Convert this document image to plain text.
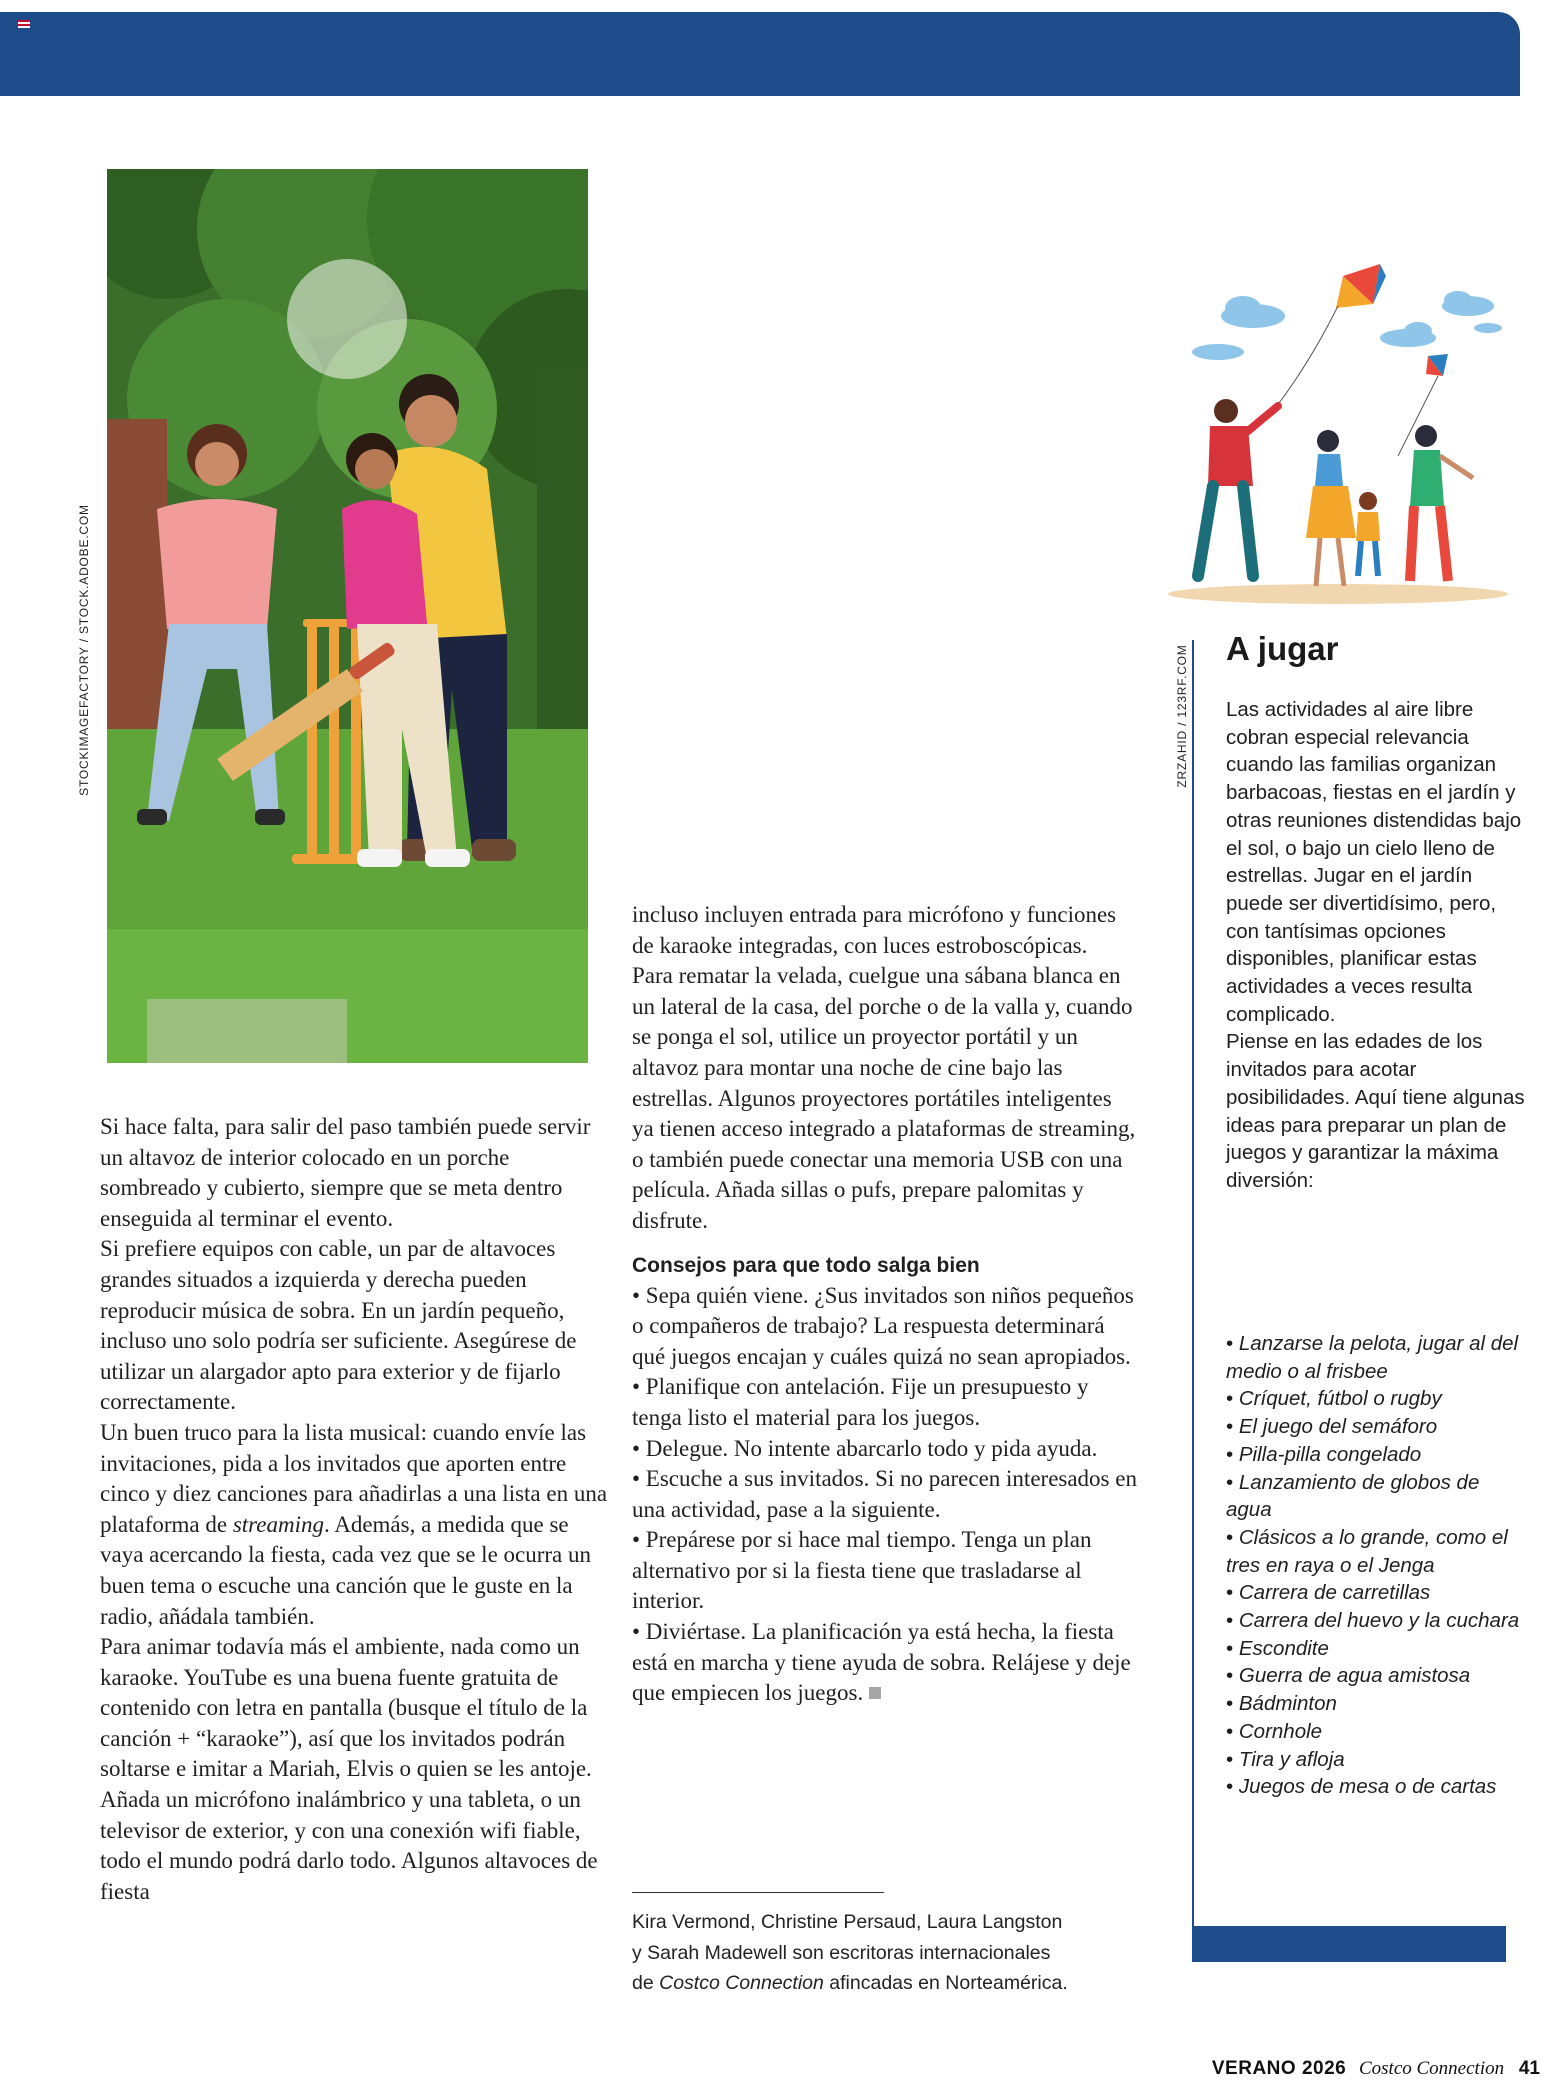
STOCKIMAGEFACTORY / STOCK.ADOBE.COM

Si hace falta, para salir del paso también puede servir un altavoz de interior colocado en un porche sombreado y cubierto, siempre que se meta dentro enseguida al terminar el evento.

Si prefiere equipos con cable, un par de altavoces grandes situados a izquierda y derecha pueden reproducir música de sobra. En un jardín pequeño, incluso uno solo podría ser suficiente. Asegúrese de utilizar un alargador apto para exterior y de fijarlo correctamente.

Un buen truco para la lista musical: cuando envíe las invitaciones, pida a los invitados que aporten entre cinco y diez canciones para añadirlas a una lista en una plataforma de streaming. Además, a medida que se vaya acercando la fiesta, cada vez que se le ocurra un buen tema o escuche una canción que le guste en la radio, añádala también.

Para animar todavía más el ambiente, nada como un karaoke. YouTube es una buena fuente gratuita de contenido con letra en pantalla (busque el título de la canción + “karaoke”), así que los invitados podrán soltarse e imitar a Mariah, Elvis o quien se les antoje. Añada un micrófono inalámbrico y una tableta, o un televisor de exterior, y con una conexión wifi fiable, todo el mundo podrá darlo todo. Algunos altavoces de fiesta

incluso incluyen entrada para micrófono y funciones de karaoke integradas, con luces estroboscópicas.

Para rematar la velada, cuelgue una sábana blanca en un lateral de la casa, del porche o de la valla y, cuando se ponga el sol, utilice un proyector portátil y un altavoz para montar una noche de cine bajo las estrellas. Algunos proyectores portátiles inteligentes ya tienen acceso integrado a plataformas de streaming, o también puede conectar una memoria USB con una película. Añada sillas o pufs, prepare palomitas y disfrute.

Consejos para que todo salga bien

• Sepa quién viene. ¿Sus invitados son niños pequeños o compañeros de trabajo? La respuesta determinará qué juegos encajan y cuáles quizá no sean apropiados.

• Planifique con antelación. Fije un presupuesto y tenga listo el material para los juegos.

• Delegue. No intente abarcarlo todo y pida ayuda.

• Escuche a sus invitados. Si no parecen interesados en una actividad, pase a la siguiente.

• Prepárese por si hace mal tiempo. Tenga un plan alternativo por si la fiesta tiene que trasladarse al interior.

• Diviértase. La planificación ya está hecha, la fiesta está en marcha y tiene ayuda de sobra. Relájese y deje que empiecen los juegos.

Kira Vermond, Christine Persaud, Laura Langston

y Sarah Madewell son escritoras internacionales

de Costco Connection afincadas en Norteamérica.

ZRZAHID / 123RF.COM A jugar

Las actividades al aire libre cobran especial relevancia cuando las familias organizan barbacoas, fiestas en el jardín y otras reuniones distendidas bajo el sol, o bajo un cielo lleno de estrellas. Jugar en el jardín puede ser divertidísimo, pero, con tantísimas opciones disponibles, planificar estas actividades a veces resulta complicado.

Piense en las edades de los invitados para acotar posibilidades. Aquí tiene algunas ideas para preparar un plan de juegos y garantizar la máxima diversión:

• Lanzarse la pelota, jugar al del medio o al frisbee
• Críquet, fútbol o rugby
• El juego del semáforo
• Pilla-pilla congelado
• Lanzamiento de globos de agua
• Clásicos a lo grande, como el tres en raya o el Jenga
• Carrera de carretillas
• Carrera del huevo y la cuchara
• Escondite
• Guerra de agua amistosa
• Bádminton
• Cornhole
• Tira y afloja
• Juegos de mesa o de cartas
VERANO 2026 Costco Connection 41
